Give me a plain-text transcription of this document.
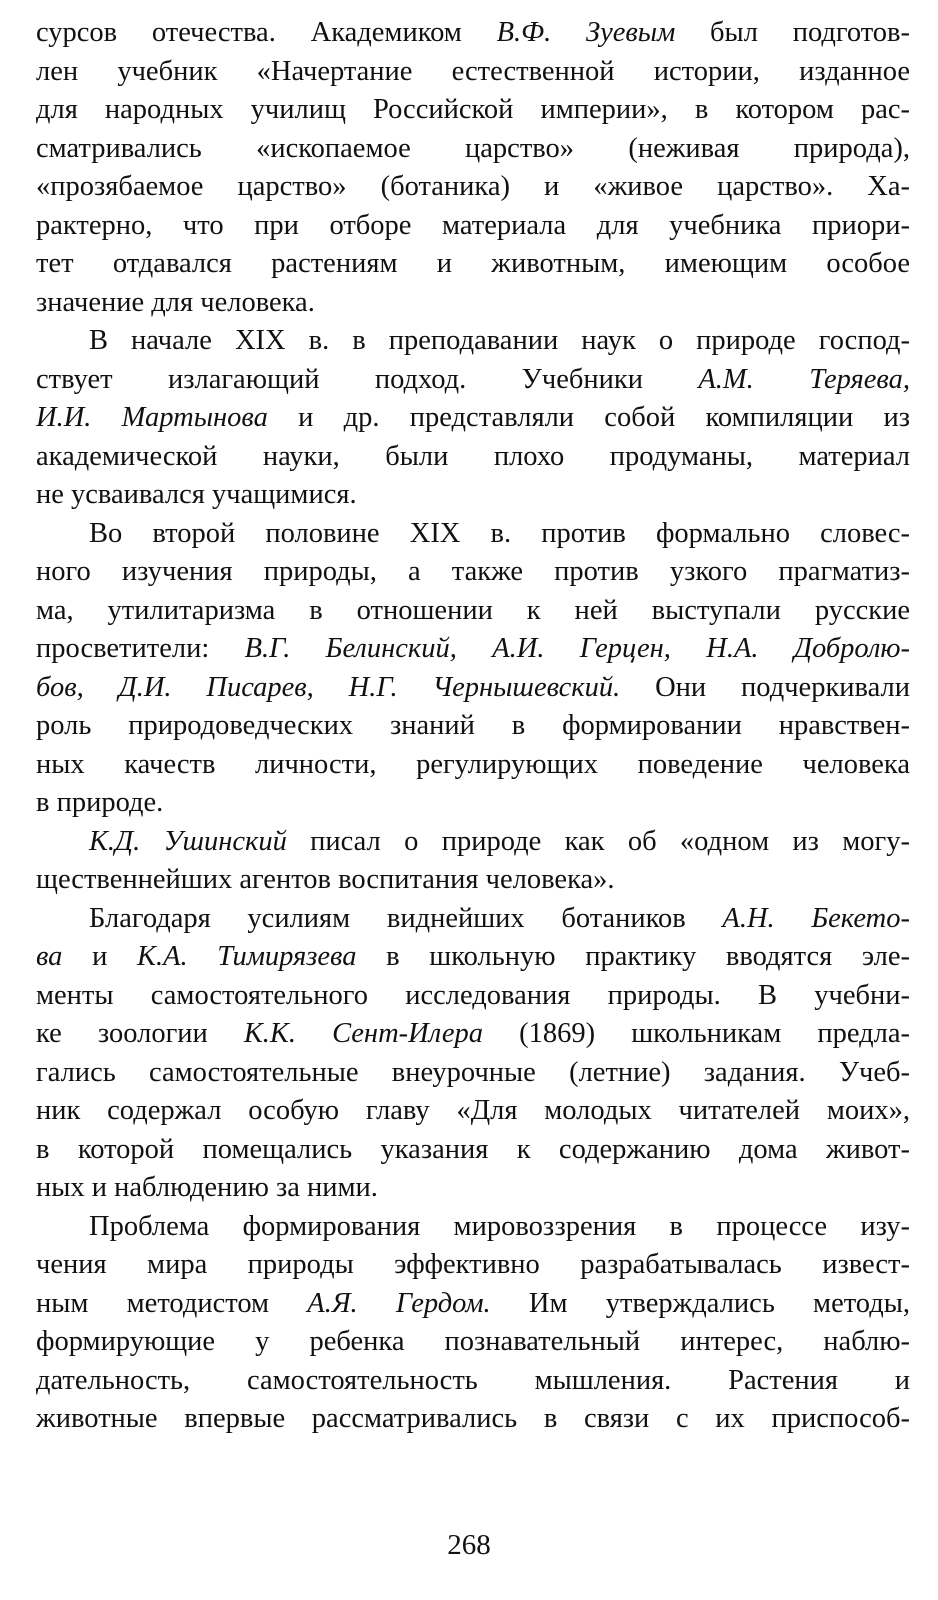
сурсов отечества. Академиком В.Ф. Зуевым был подготов-
лен учебник «Начертание естественной истории, изданное
для народных училищ Российской империи», в котором рас-
сматривались «ископаемое царство» (неживая природа),
«прозябаемое царство» (ботаника) и «живое царство». Ха-
рактерно, что при отборе материала для учебника приори-
тет отдавался растениям и животным, имеющим особое
значение для человека.
В начале XIX в. в преподавании наук о природе господ-
ствует излагающий подход. Учебники А.М. Теряева,
И.И. Мартынова и др. представляли собой компиляции из
академической науки, были плохо продуманы, материал
не усваивался учащимися.
Во второй половине XIX в. против формально словес-
ного изучения природы, а также против узкого прагматиз-
ма, утилитаризма в отношении к ней выступали русские
просветители: В.Г. Белинский, А.И. Герцен, Н.А. Добролю-
бов, Д.И. Писарев, Н.Г. Чернышевский. Они подчеркивали
роль природоведческих знаний в формировании нравствен-
ных качеств личности, регулирующих поведение человека
в природе.
К.Д. Ушинский писал о природе как об «одном из могу-
щественнейших агентов воспитания человека».
Благодаря усилиям виднейших ботаников А.Н. Бекето-
ва и К.А. Тимирязева в школьную практику вводятся эле-
менты самостоятельного исследования природы. В учебни-
ке зоологии К.К. Сент-Илера (1869) школьникам предла-
гались самостоятельные внеурочные (летние) задания. Учеб-
ник содержал особую главу «Для молодых читателей моих»,
в которой помещались указания к содержанию дома живот-
ных и наблюдению за ними.
Проблема формирования мировоззрения в процессе изу-
чения мира природы эффективно разрабатывалась извест-
ным методистом А.Я. Гердом. Им утверждались методы,
формирующие у ребенка познавательный интерес, наблю-
дательность, самостоятельность мышления. Растения и
животные впервые рассматривались в связи с их приспособ-
268
